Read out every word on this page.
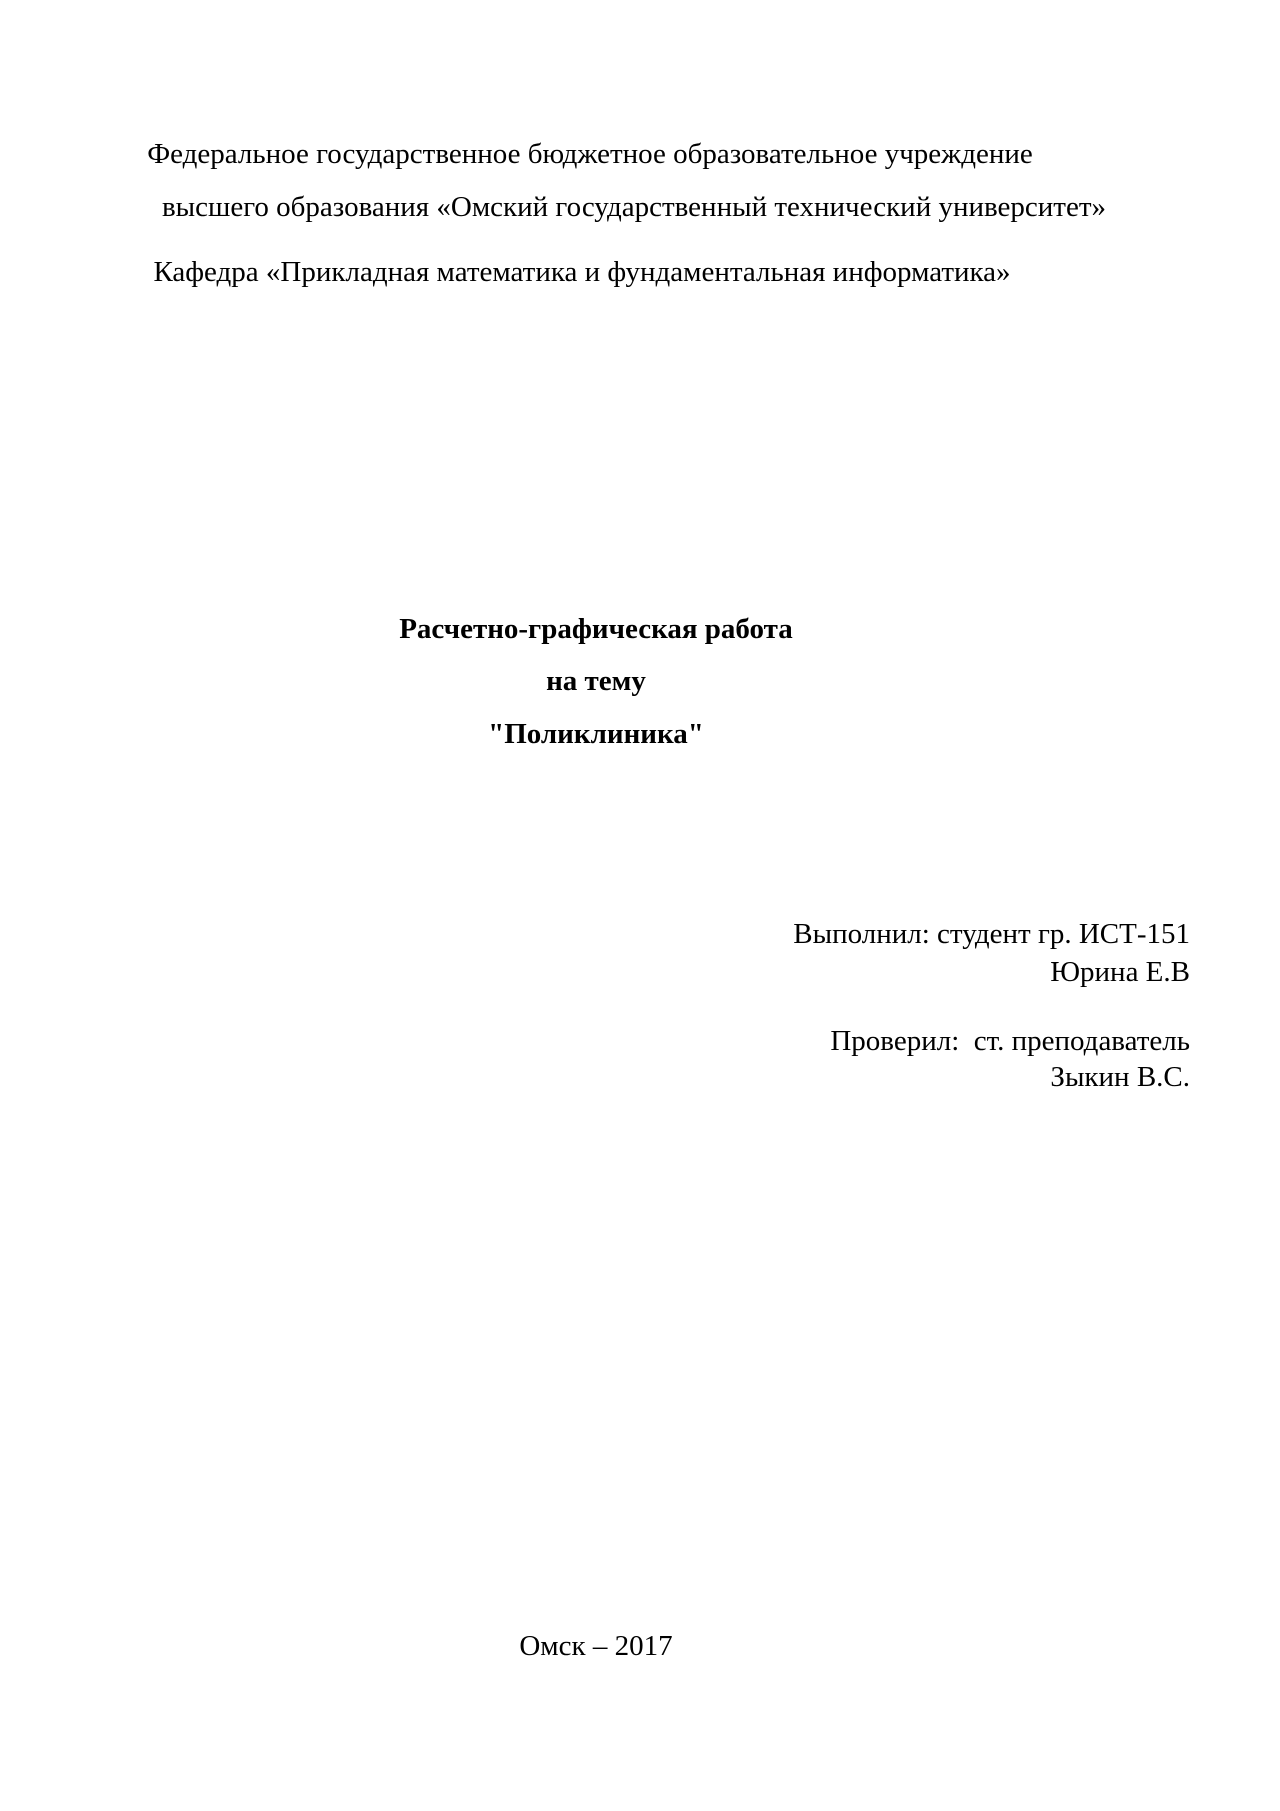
Федеральное государственное бюджетное образовательное учреждение
высшего образования «Омский государственный технический университет»
Кафедра «Прикладная математика и фундаментальная информатика»
Расчетно-графическая работа
на тему
"Поликлиника"
Выполнил: студент гр. ИСТ-151
Юрина Е.В
Проверил:  ст. преподаватель
Зыкин В.С.
Омск – 2017
